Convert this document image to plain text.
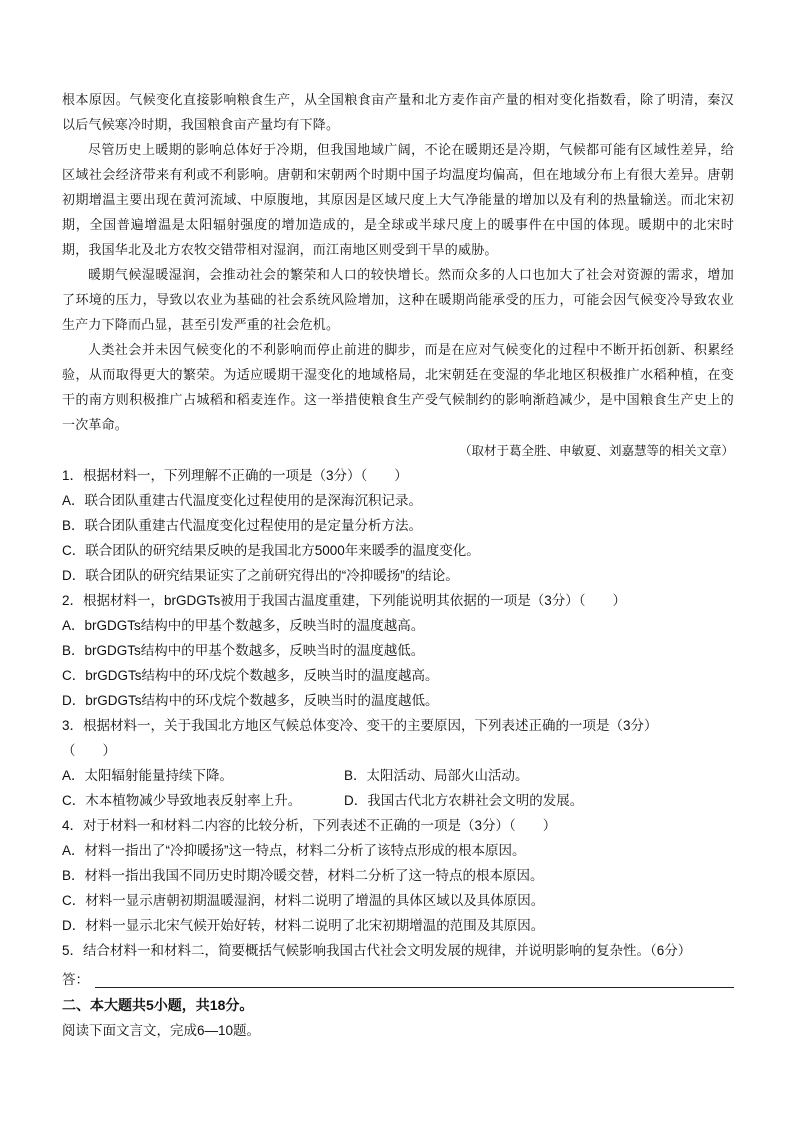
根本原因。气候变化直接影响粮食生产，从全国粮食亩产量和北方麦作亩产量的相对变化指数看，除了明清，秦汉以后气候寒冷时期，我国粮食亩产量均有下降。

尽管历史上暖期的影响总体好于冷期，但我国地域广阔，不论在暖期还是冷期，气候都可能有区域性差异，给区域社会经济带来有利或不利影响。唐朝和宋朝两个时期中国子均温度均偏高，但在地域分布上有很大差异。唐朝初期增温主要出现在黄河流域、中原腹地，其原因是区域尺度上大气净能量的增加以及有利的热量输送。而北宋初期，全国普遍增温是太阳辐射强度的增加造成的，是全球或半球尺度上的暖事件在中国的体现。暖期中的北宋时期，我国华北及北方农牧交错带相对湿润，而江南地区则受到干旱的威胁。

暖期气候湿暖湿润，会推动社会的繁荣和人口的较快增长。然而众多的人口也加大了社会对资源的需求，增加了环境的压力，导致以农业为基础的社会系统风险增加，这种在暖期尚能承受的压力，可能会因气候变冷导致农业生产力下降而凸显，甚至引发严重的社会危机。

人类社会并未因气候变化的不利影响而停止前进的脚步，而是在应对气候变化的过程中不断开拓创新、积累经验，从而取得更大的繁荣。为适应暖期干湿变化的地域格局，北宋朝廷在变湿的华北地区积极推广水稻种植，在变干的南方则积极推广占城稻和稻麦连作。这一举措使粮食生产受气候制约的影响渐趋减少，是中国粮食生产史上的一次革命。

（取材于葛全胜、申敏夏、刘嘉慧等的相关文章）

1．根据材料一，下列理解不正确的一项是（3分）（　　）

A．联合团队重建古代温度变化过程使用的是深海沉积记录。

B．联合团队重建古代温度变化过程使用的是定量分析方法。

C．联合团队的研究结果反映的是我国北方5000年来暖季的温度变化。

D．联合团队的研究结果证实了之前研究得出的“冷抑暖扬”的结论。

2．根据材料一，brGDGTs被用于我国古温度重建，下列能说明其依据的一项是（3分）（　　）

A．brGDGTs结构中的甲基个数越多，反映当时的温度越高。

B．brGDGTs结构中的甲基个数越多，反映当时的温度越低。

C．brGDGTs结构中的环戊烷个数越多，反映当时的温度越高。

D．brGDGTs结构中的环戊烷个数越多，反映当时的温度越低。

3．根据材料一，关于我国北方地区气候总体变冷、变干的主要原因，下列表述正确的一项是（3分）

（　　）

A．太阳辐射能量持续下降。	B．太阳活动、局部火山活动。
C．木本植物减少导致地表反射率上升。	D．我国古代北方农耕社会文明的发展。

4．对于材料一和材料二内容的比较分析，下列表述不正确的一项是（3分）（　　）

A．材料一指出了“冷抑暖扬”这一特点，材料二分析了该特点形成的根本原因。

B．材料一指出我国不同历史时期冷暖交替，材料二分析了这一特点的根本原因。

C．材料一显示唐朝初期温暖湿润，材料二说明了增温的具体区域以及具体原因。

D．材料一显示北宋气候开始好转，材料二说明了北宋初期增温的范围及其原因。

5．结合材料一和材料二，简要概括气候影响我国古代社会文明发展的规律，并说明影响的复杂性。（6分）

答：

二、本大题共5小题，共18分。

阅读下面文言文，完成6—10题。
